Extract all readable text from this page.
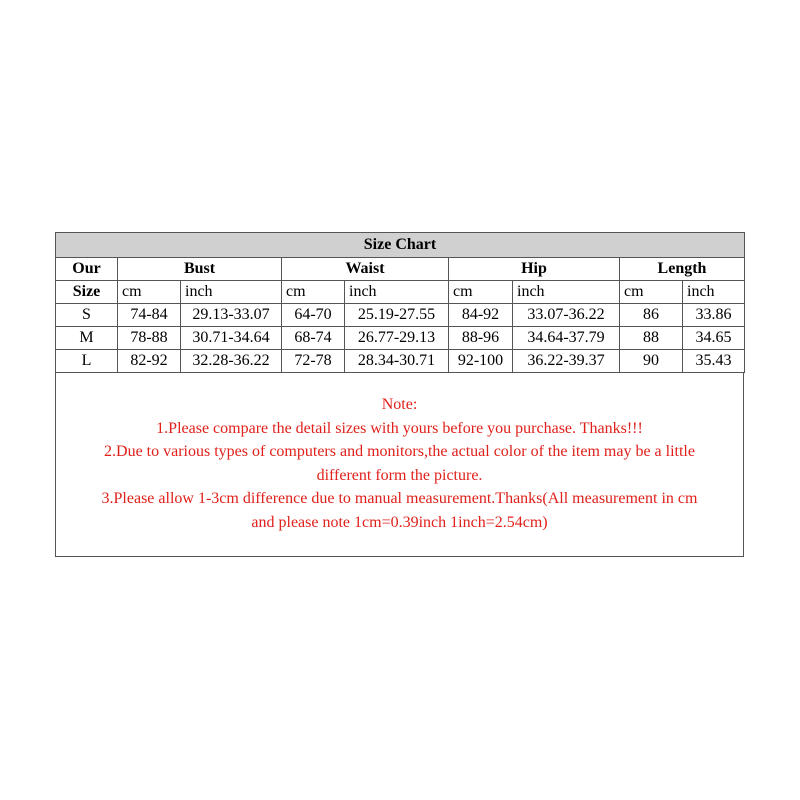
Size Chart								
Our	Bust		Waist		Hip		Length	
Size	cm	inch	cm	inch	cm	inch	cm	inch
S	74-84	29.13-33.07	64-70	25.19-27.55	84-92	33.07-36.22	86	33.86
M	78-88	30.71-34.64	68-74	26.77-29.13	88-96	34.64-37.79	88	34.65
L	82-92	32.28-36.22	72-78	28.34-30.71	92-100	36.22-39.37	90	35.43
Note:
1.Please compare the detail sizes with yours before you purchase. Thanks!!!
2.Due to various types of computers and monitors,the actual color of the item may be a little
different form the picture.
3.Please allow 1-3cm difference due to manual measurement.Thanks(All measurement in cm
and please note 1cm=0.39inch 1inch=2.54cm)
